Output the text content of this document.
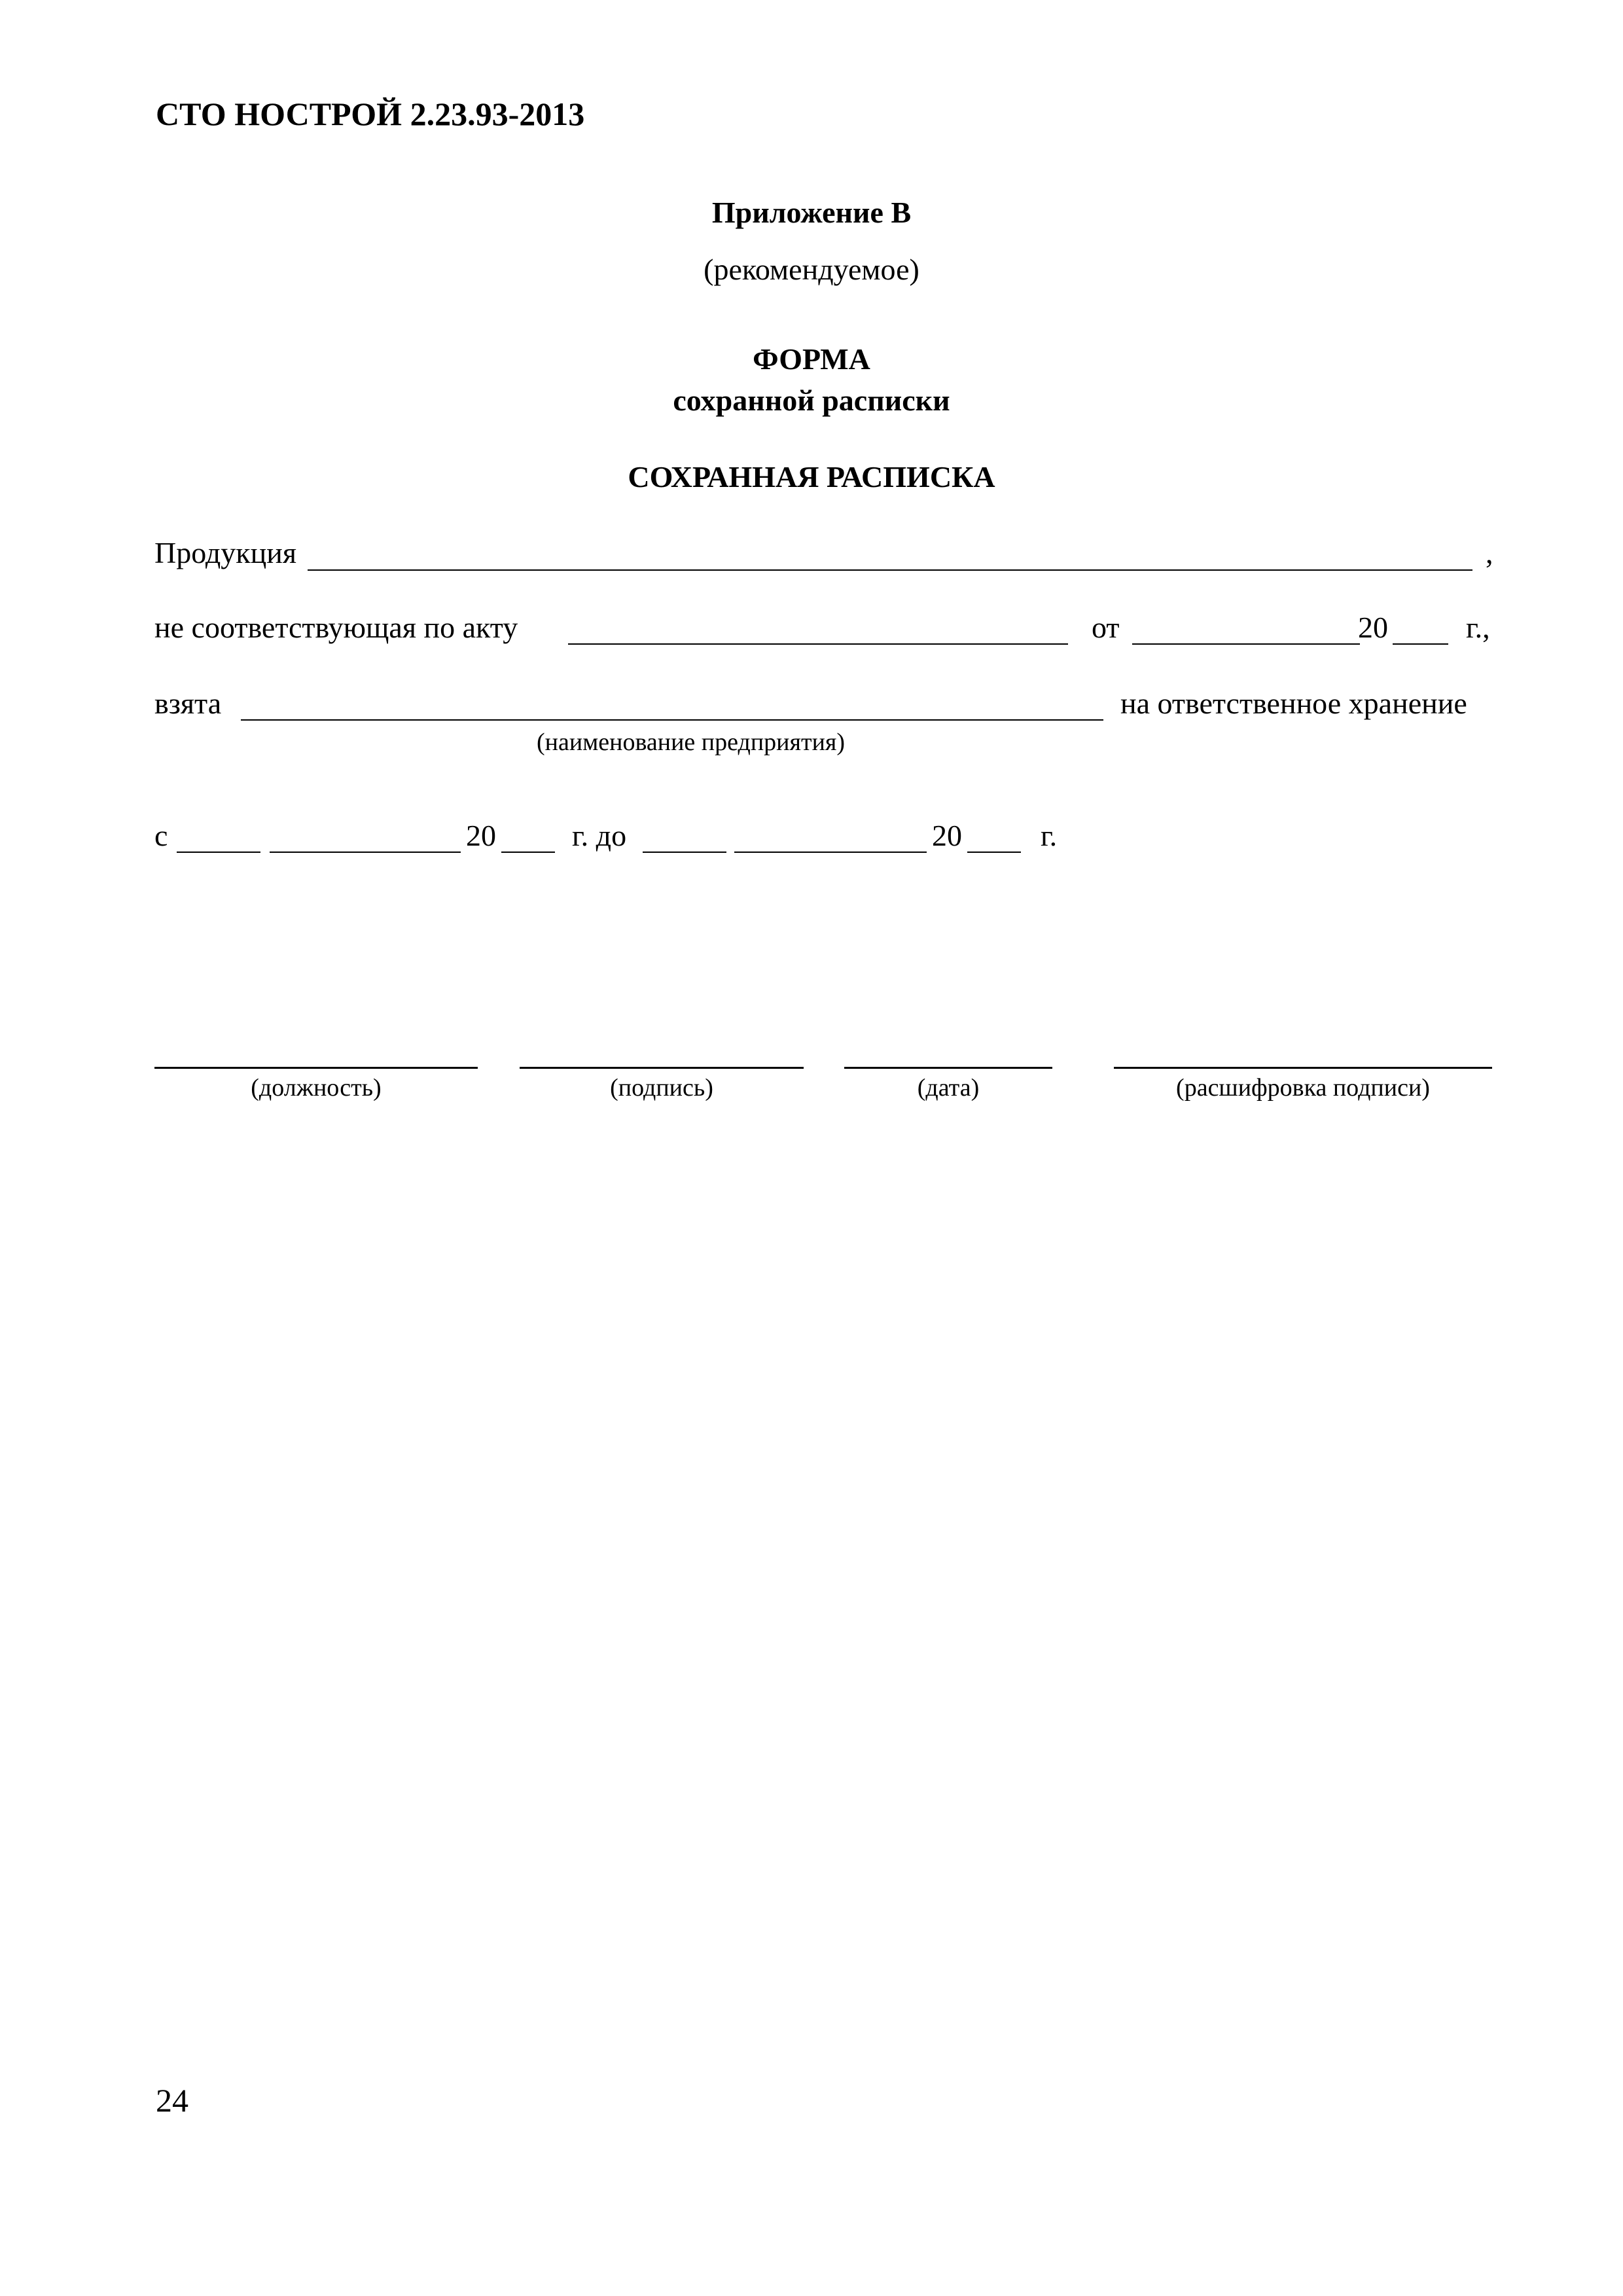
СТО НОСТРОЙ 2.23.93-2013
Приложение В
(рекомендуемое)
ФОРМА
сохранной расписки
СОХРАННАЯ РАСПИСКА
Продукция	,
не соответствующая по акту	от	20	г.,
взята	на ответственное хранение
(наименование предприятия)
с	20	г. до	20	г.
(должность)	(подпись)	(дата)	(расшифровка подписи)
24
